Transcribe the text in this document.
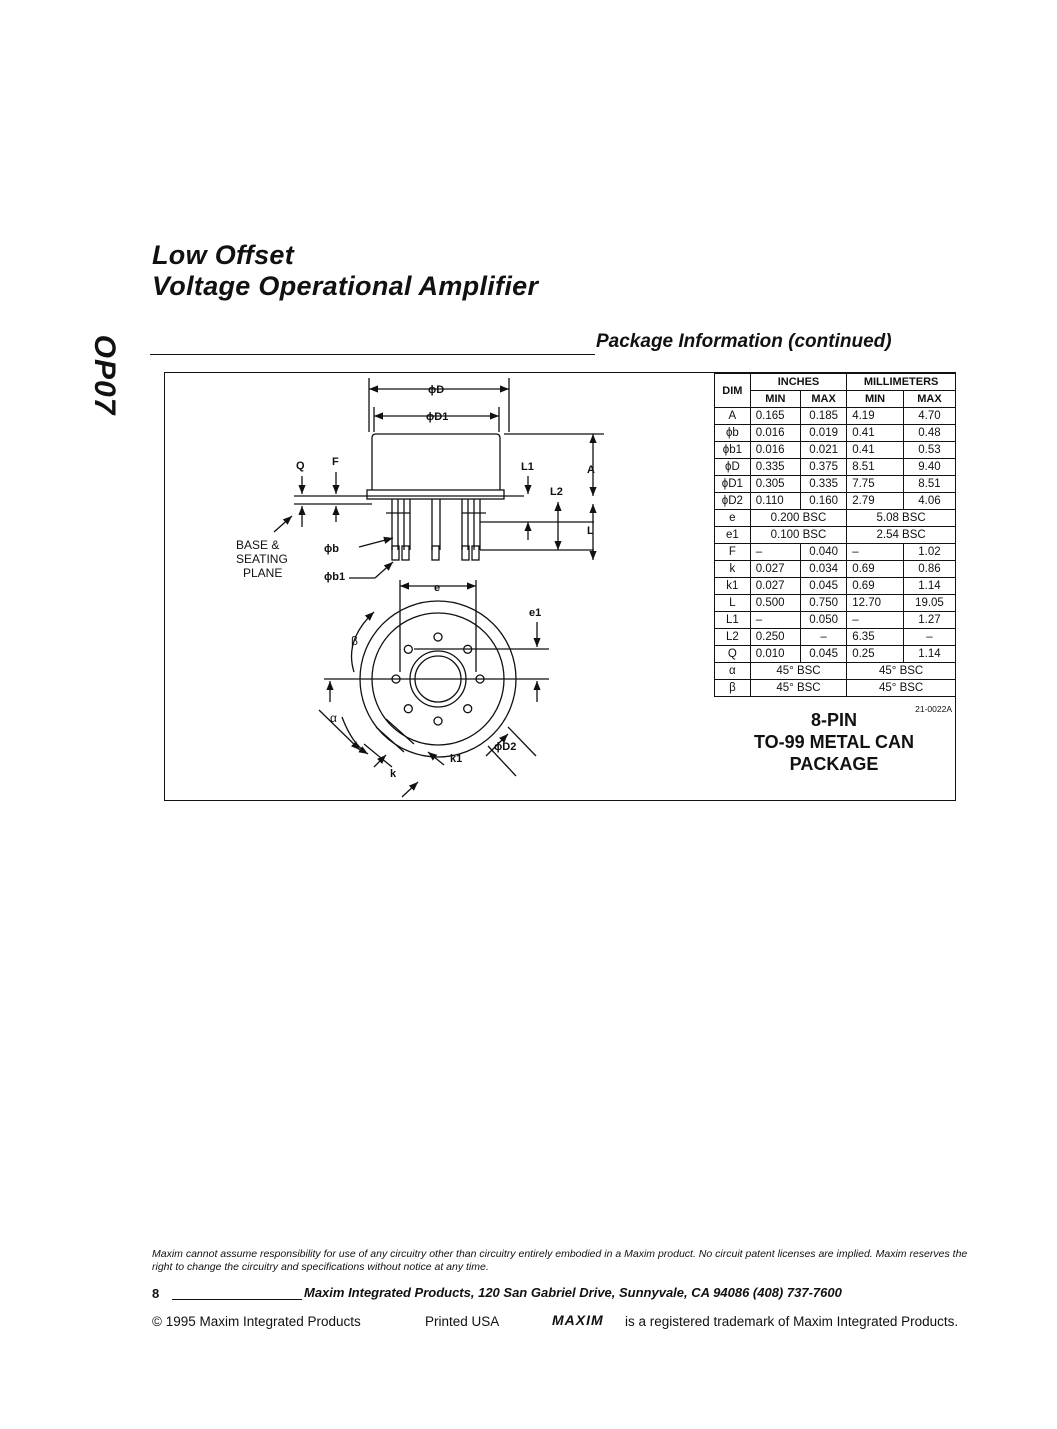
Low Offset
Voltage Operational Amplifier
OP07	Package Information (continued)
ϕD
ϕD1
Q F	L1	A
L2
L
ϕb
ϕb1
e
e1
k
k1
ϕD2
BASE &
SEATING
PLANE
β
α
DIM	INCHES		MILLIMETERS	
	MIN	MAX	MIN	MAX
A	0.165	0.185	4.19	4.70
ϕb	0.016	0.019	0.41	0.48
ϕb1	0.016	0.021	0.41	0.53
ϕD	0.335	0.375	8.51	9.40
ϕD1	0.305	0.335	7.75	8.51
ϕD2	0.110	0.160	2.79	4.06
e	0.200 BSC		5.08 BSC	
e1	0.100 BSC		2.54 BSC	
F	–	0.040	–	1.02
k	0.027	0.034	0.69	0.86
k1	0.027	0.045	0.69	1.14
L	0.500	0.750	12.70	19.05
L1	–	0.050	–	1.27
L2	0.250	–	6.35	–
Q	0.010	0.045	0.25	1.14
α	45° BSC		45° BSC	
β	45° BSC		45° BSC	
21-0022A
8-PIN
TO-99 METAL CAN
PACKAGE
Maxim cannot assume responsibility for use of any circuitry other than circuitry entirely embodied in a Maxim product. No circuit patent licenses are implied. Maxim reserves the right to change the circuitry and specifications without notice at any time.
8	Maxim Integrated Products, 120 San Gabriel Drive, Sunnyvale, CA 94086 (408) 737-7600
© 1995 Maxim Integrated Products	Printed USA	MAXIM is a registered trademark of Maxim Integrated Products.
